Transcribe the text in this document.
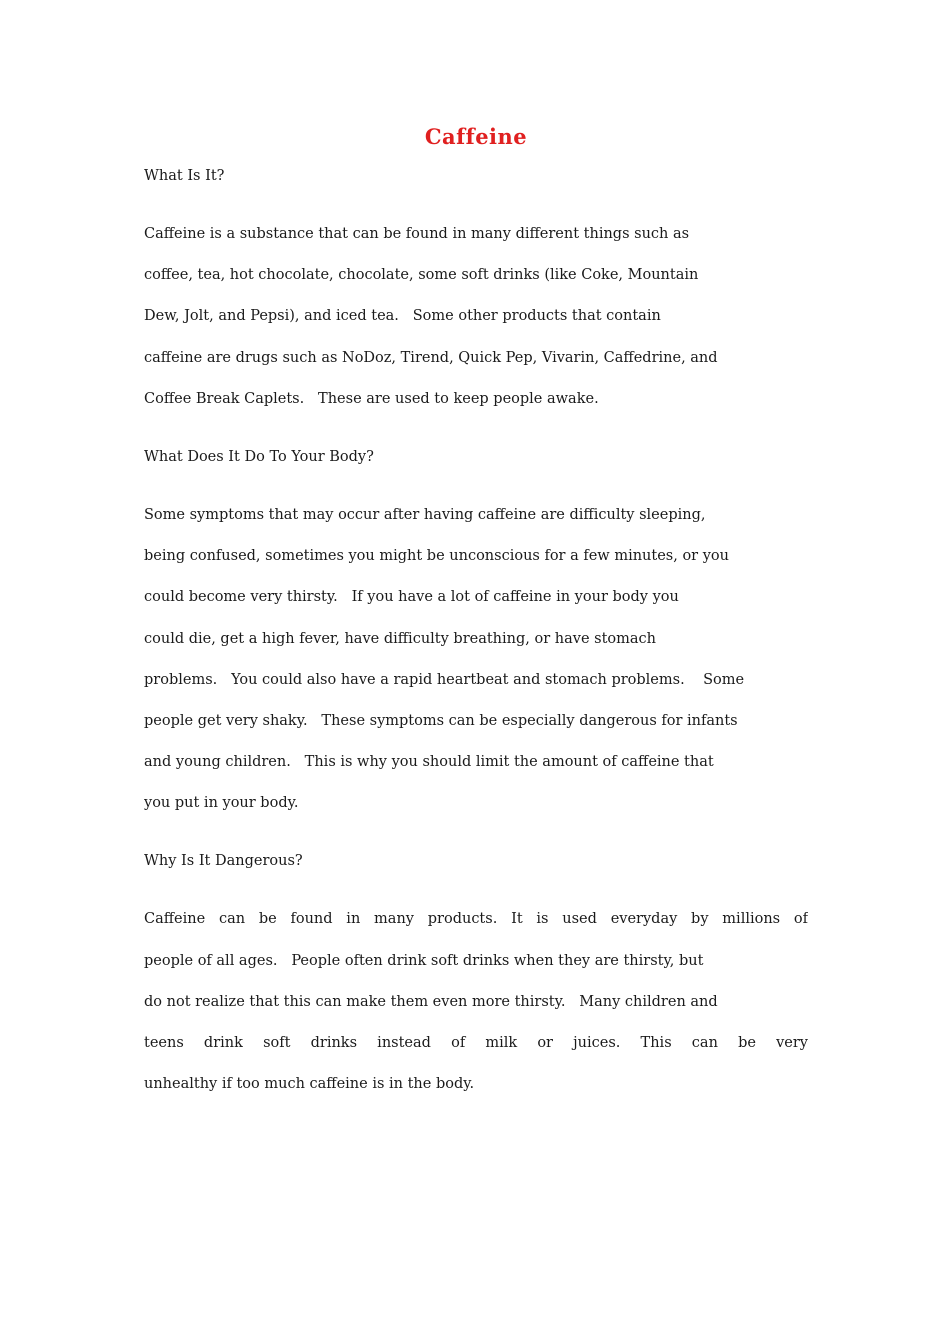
Caffeine

What Is It?

Caffeine is a substance that can be found in many different things such as
coffee, tea, hot chocolate, chocolate, some soft drinks (like Coke, Mountain
Dew, Jolt, and Pepsi), and iced tea.   Some other products that contain
caffeine are drugs such as NoDoz, Tirend, Quick Pep, Vivarin, Caffedrine, and
Coffee Break Caplets.   These are used to keep people awake.

What Does It Do To Your Body?

Some symptoms that may occur after having caffeine are difficulty sleeping,
being confused, sometimes you might be unconscious for a few minutes, or you
could become very thirsty.   If you have a lot of caffeine in your body you
could die, get a high fever, have difficulty breathing, or have stomach
problems.   You could also have a rapid heartbeat and stomach problems.    Some
people get very shaky.   These symptoms can be especially dangerous for infants
and young children.   This is why you should limit the amount of caffeine that
you put in your body.

Why Is It Dangerous?

Caffeine can be found in many products. It is used everyday by millions of
people of all ages.   People often drink soft drinks when they are thirsty, but
do not realize that this can make them even more thirsty.   Many children and
teens drink soft drinks instead of milk or juices. This can be very
unhealthy if too much caffeine is in the body.
